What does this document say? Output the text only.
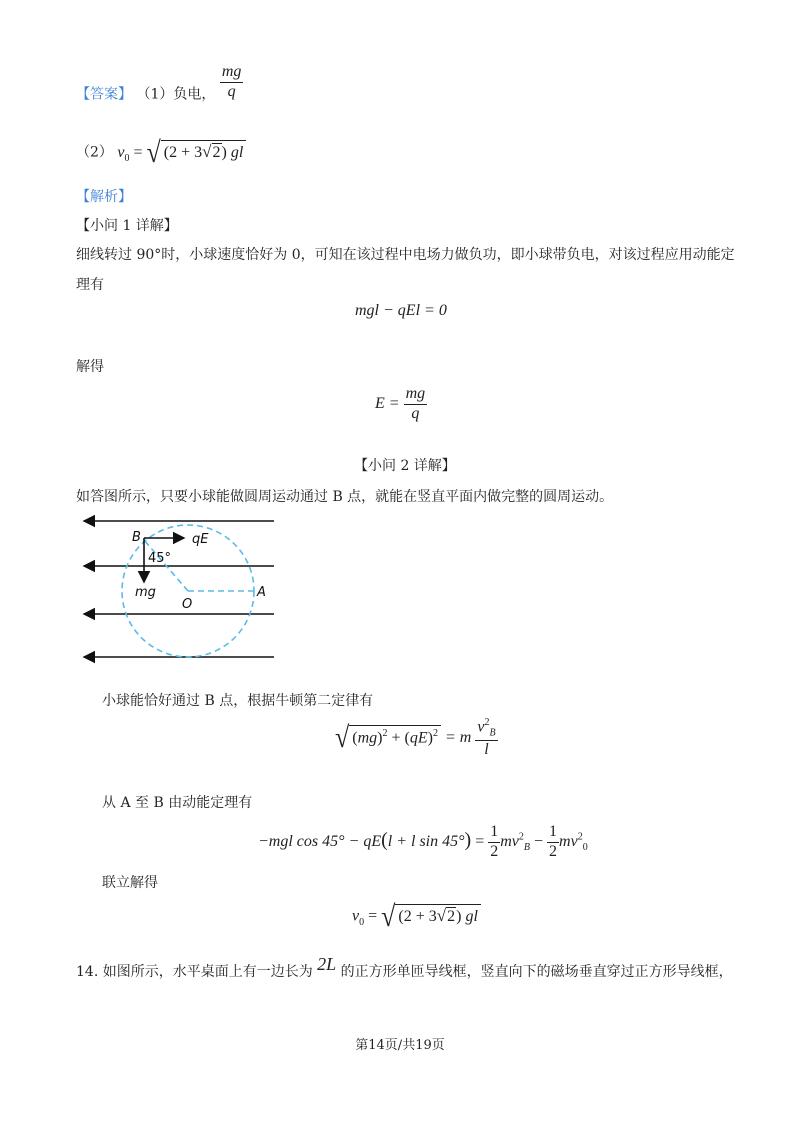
【答案】 （1）负电， $\frac{mg}{q}$
（2） $v_0$ = √ (2 + 3 √ 2 ) gl
【解析】
【小问 1 详解】
细线转过 90°时，小球速度恰好为 0，可知在该过程中电场力做负功，即小球带负电，对该过程应用动能定
理有
mgl − qEl = 0
解得
$E = \frac{mg}{q}$
【小问 2 详解】
如答图所示，只要小球能做圆周运动通过 B 点，就能在竖直平面内做完整的圆周运动。
B	qE
45°
mg
O
A
小球能恰好通过 B 点，根据牛顿第二定律有
√ (mg)$^2$ + (qE)$^2$ = m $\frac{v^2_B}{l}$
从 A 至 B 由动能定理有
−mgl cos 45° − qE(l + l $\sin 45^\circ) = \frac{1}{2} mv^2_B - \frac{1}{2} mv^2_0$
联立解得
$v_0$ = √ (2 + 3 √ 2 ) gl
14. 如图所示，水平桌面上有一边长为 2L 的正方形单匝导线框，竖直向下的磁场垂直穿过正方形导线框，
第14页/共19页
